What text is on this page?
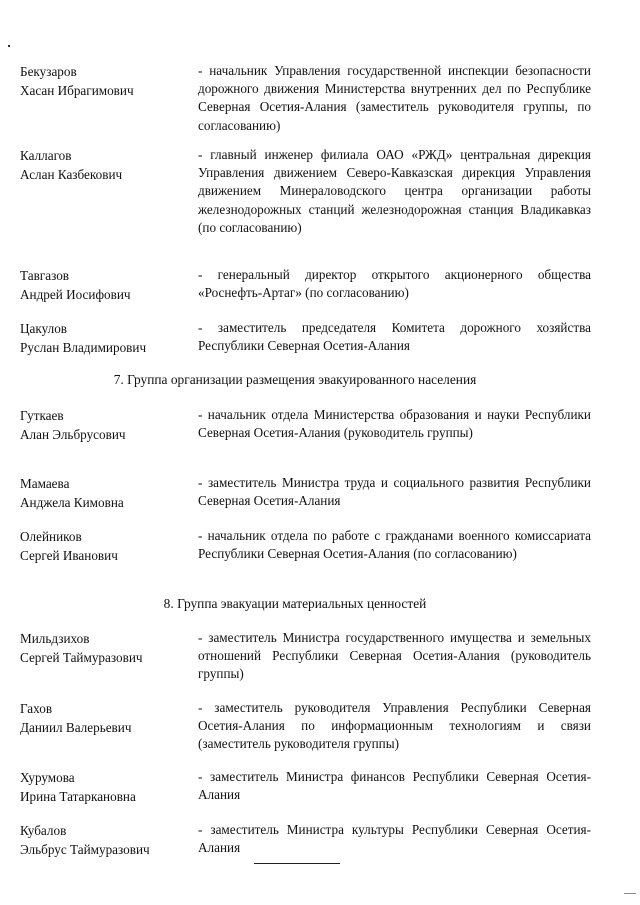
Бекузаров
Хасан Ибрагимович
- начальник Управления государственной инспекции безопасности дорожного движения Министерства внутренних дел по Республике Северная Осетия-Алания (заместитель руководителя группы, по согласованию)
Каллагов
Аслан Казбекович
- главный инженер филиала ОАО «РЖД» центральная дирекция Управления движением Северо-Кавказская дирекция Управления движением Минераловодского центра организации работы железнодорожных станций железнодорожная станция Владикавказ (по согласованию)
Тавгазов
Андрей Иосифович
- генеральный директор открытого акционерного общества «Роснефть-Артаг» (по согласованию)
Цакулов
Руслан Владимирович
- заместитель председателя Комитета дорожного хозяйства Республики Северная Осетия-Алания
7. Группа организации размещения эвакуированного населения
Гуткаев
Алан Эльбрусович
- начальник отдела Министерства образования и науки Республики Северная Осетия-Алания (руководитель группы)
Мамаева
Анджела Кимовна
- заместитель Министра труда и социального развития Республики Северная Осетия-Алания
Олейников
Сергей Иванович
- начальник отдела по работе с гражданами военного комиссариата Республики Северная Осетия-Алания (по согласованию)
8. Группа эвакуации материальных ценностей
Мильдзихов
Сергей Таймуразович
- заместитель Министра государственного имущества и земельных отношений Республики Северная Осетия-Алания (руководитель группы)
Гахов
Даниил Валерьевич
- заместитель руководителя Управления Республики Северная Осетия-Алания по информационным технологиям и связи (заместитель руководителя группы)
Хурумова
Ирина Татаркановна
- заместитель Министра финансов Республики Северная Осетия-Алания
Кубалов
Эльбрус Таймуразович
- заместитель Министра культуры Республики Северная Осетия-Алания
